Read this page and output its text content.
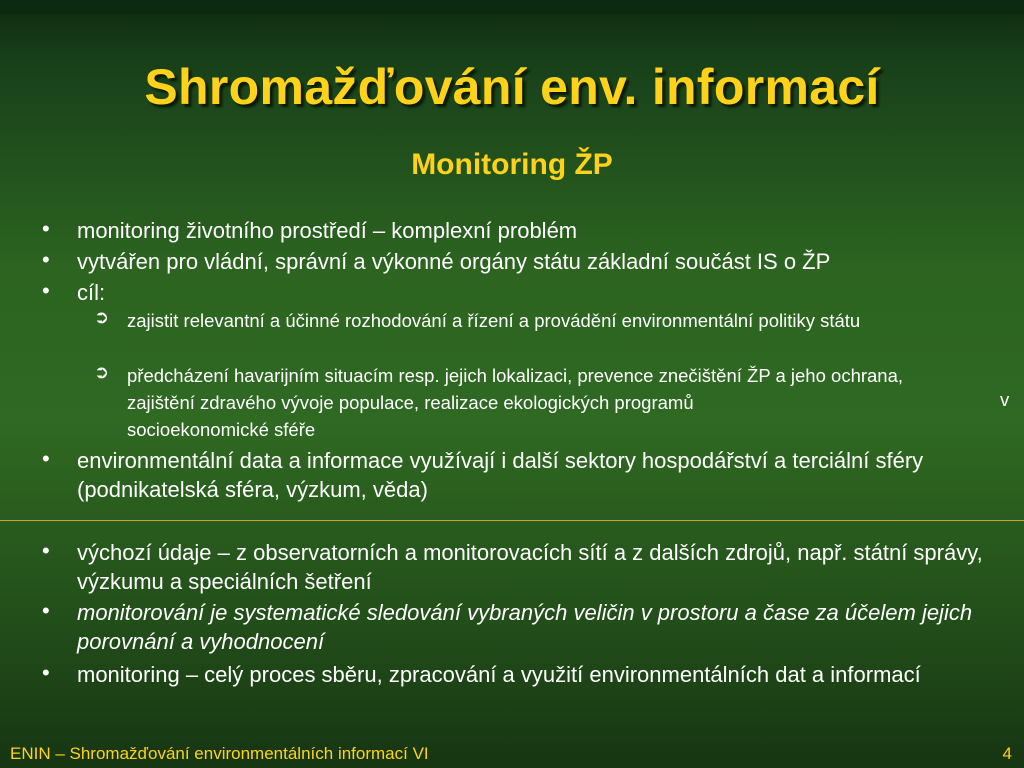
Shromažďování env. informací
Monitoring ŽP
• monitoring životního prostředí – komplexní problém
• vytvářen pro vládní, správní a výkonné orgány státu základní součást IS o ŽP
• cíl:
➲ zajistit relevantní a účinné rozhodování a řízení a provádění environmentální politiky státu
➲ předcházení havarijním situacím resp. jejich lokalizaci, prevence znečištění ŽP a jeho ochrana, zajištění zdravého vývoje populace, realizace ekologických programů	v
socioekonomické sféře
• environmentální data a informace využívají i další sektory hospodářství a terciální sféry (podnikatelská sféra, výzkum, věda)
• výchozí údaje – z observatorních a monitorovacích sítí a z dalších zdrojů, např. státní správy, výzkumu a speciálních šetření
• monitorování je systematické sledování vybraných veličin v prostoru a čase za účelem jejich porovnání a vyhodnocení
• monitoring – celý proces sběru, zpracování a využití environmentálních dat a informací
ENIN – Shromažďování environmentálních informací VI	4
